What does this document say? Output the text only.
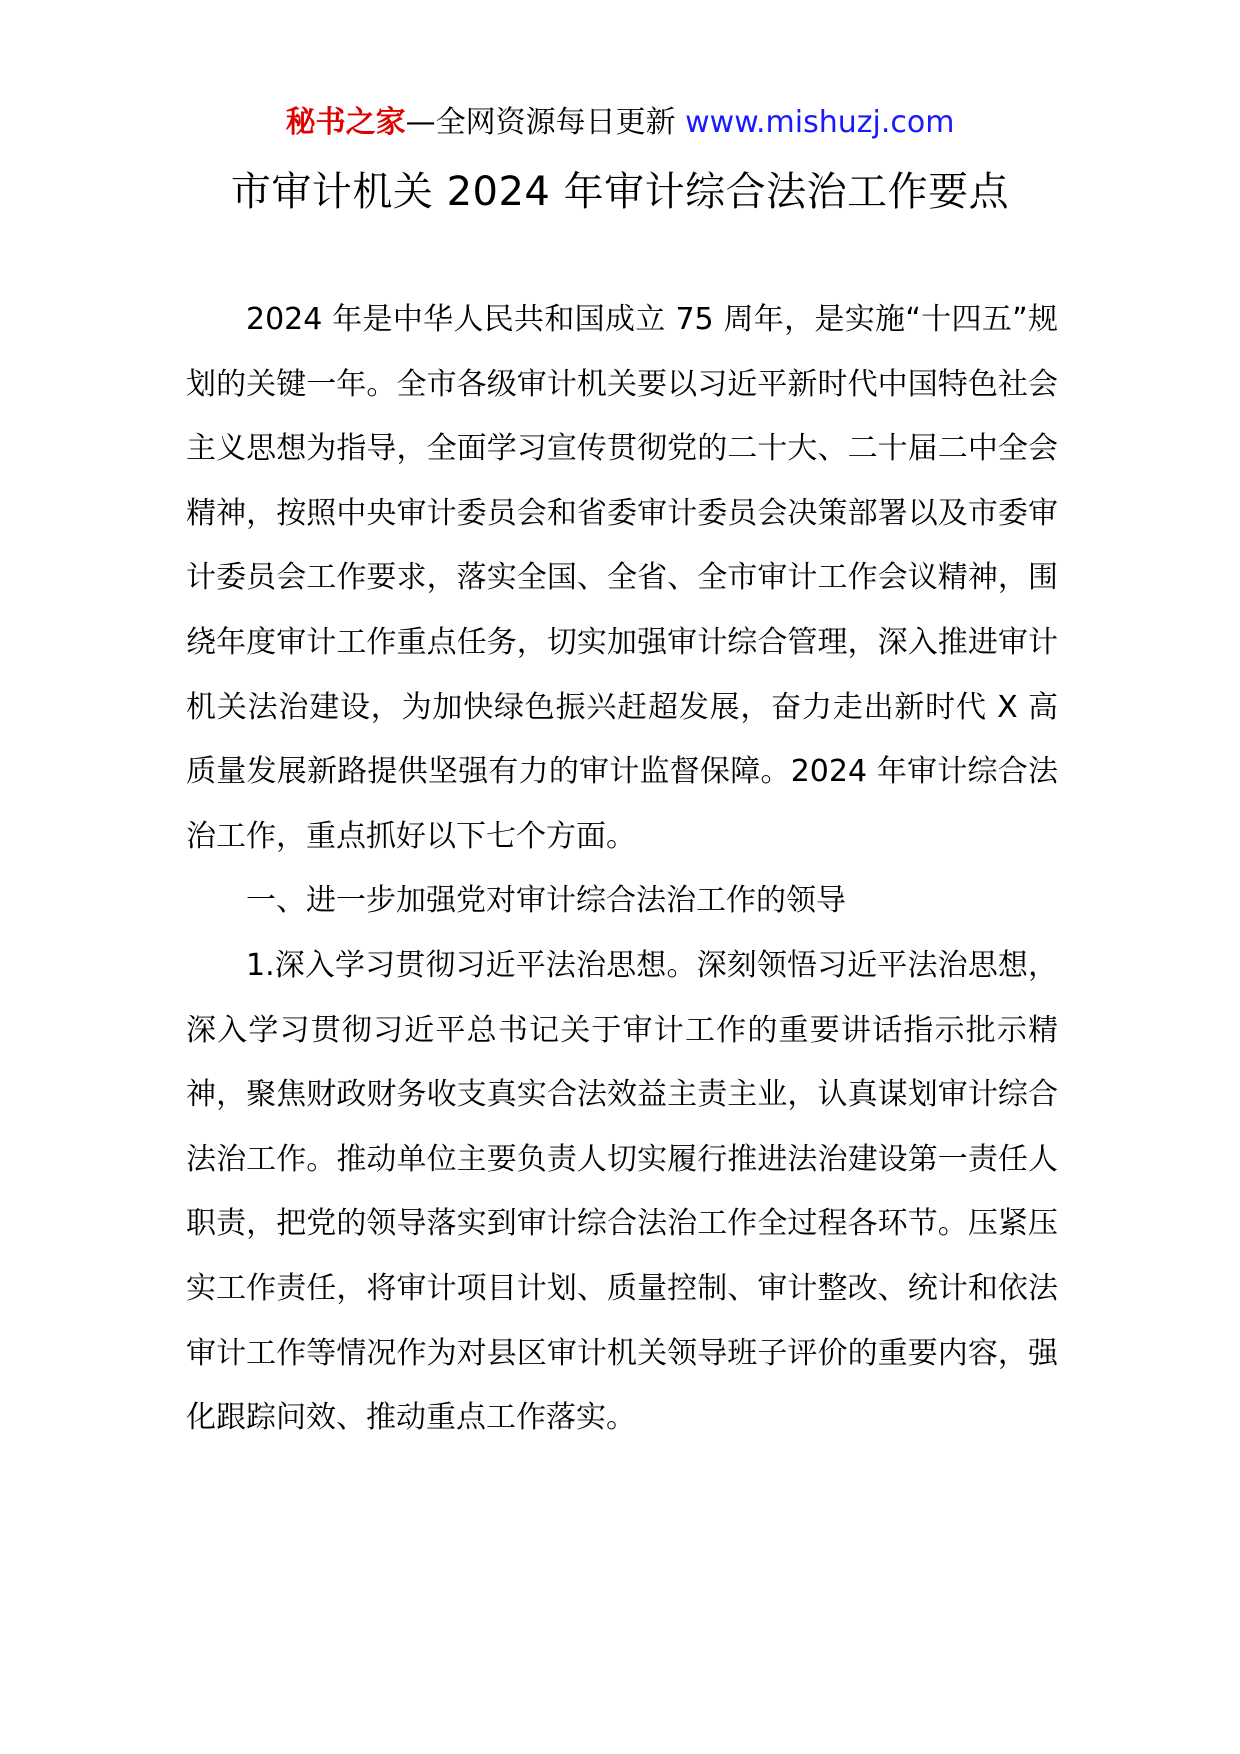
秘书之家—全网资源每日更新 www.mishuzj.com
市审计机关 2024 年审计综合法治工作要点

2024 年是中华人民共和国成立 75 周年，是实施“十四五”规划的关键一年。全市各级审计机关要以习近平新时代中国特色社会主义思想为指导，全面学习宣传贯彻党的二十大、二十届二中全会精神，按照中央审计委员会和省委审计委员会决策部署以及市委审计委员会工作要求，落实全国、全省、全市审计工作会议精神，围绕年度审计工作重点任务，切实加强审计综合管理，深入推进审计机关法治建设，为加快绿色振兴赶超发展，奋力走出新时代 X 高质量发展新路提供坚强有力的审计监督保障。2024 年审计综合法治工作，重点抓好以下七个方面。

一、进一步加强党对审计综合法治工作的领导

1.深入学习贯彻习近平法治思想。深刻领悟习近平法治思想，深入学习贯彻习近平总书记关于审计工作的重要讲话指示批示精神，聚焦财政财务收支真实合法效益主责主业，认真谋划审计综合法治工作。推动单位主要负责人切实履行推进法治建设第一责任人职责，把党的领导落实到审计综合法治工作全过程各环节。压紧压实工作责任，将审计项目计划、质量控制、审计整改、统计和依法审计工作等情况作为对县区审计机关领导班子评价的重要内容，强化跟踪问效、推动重点工作落实。
